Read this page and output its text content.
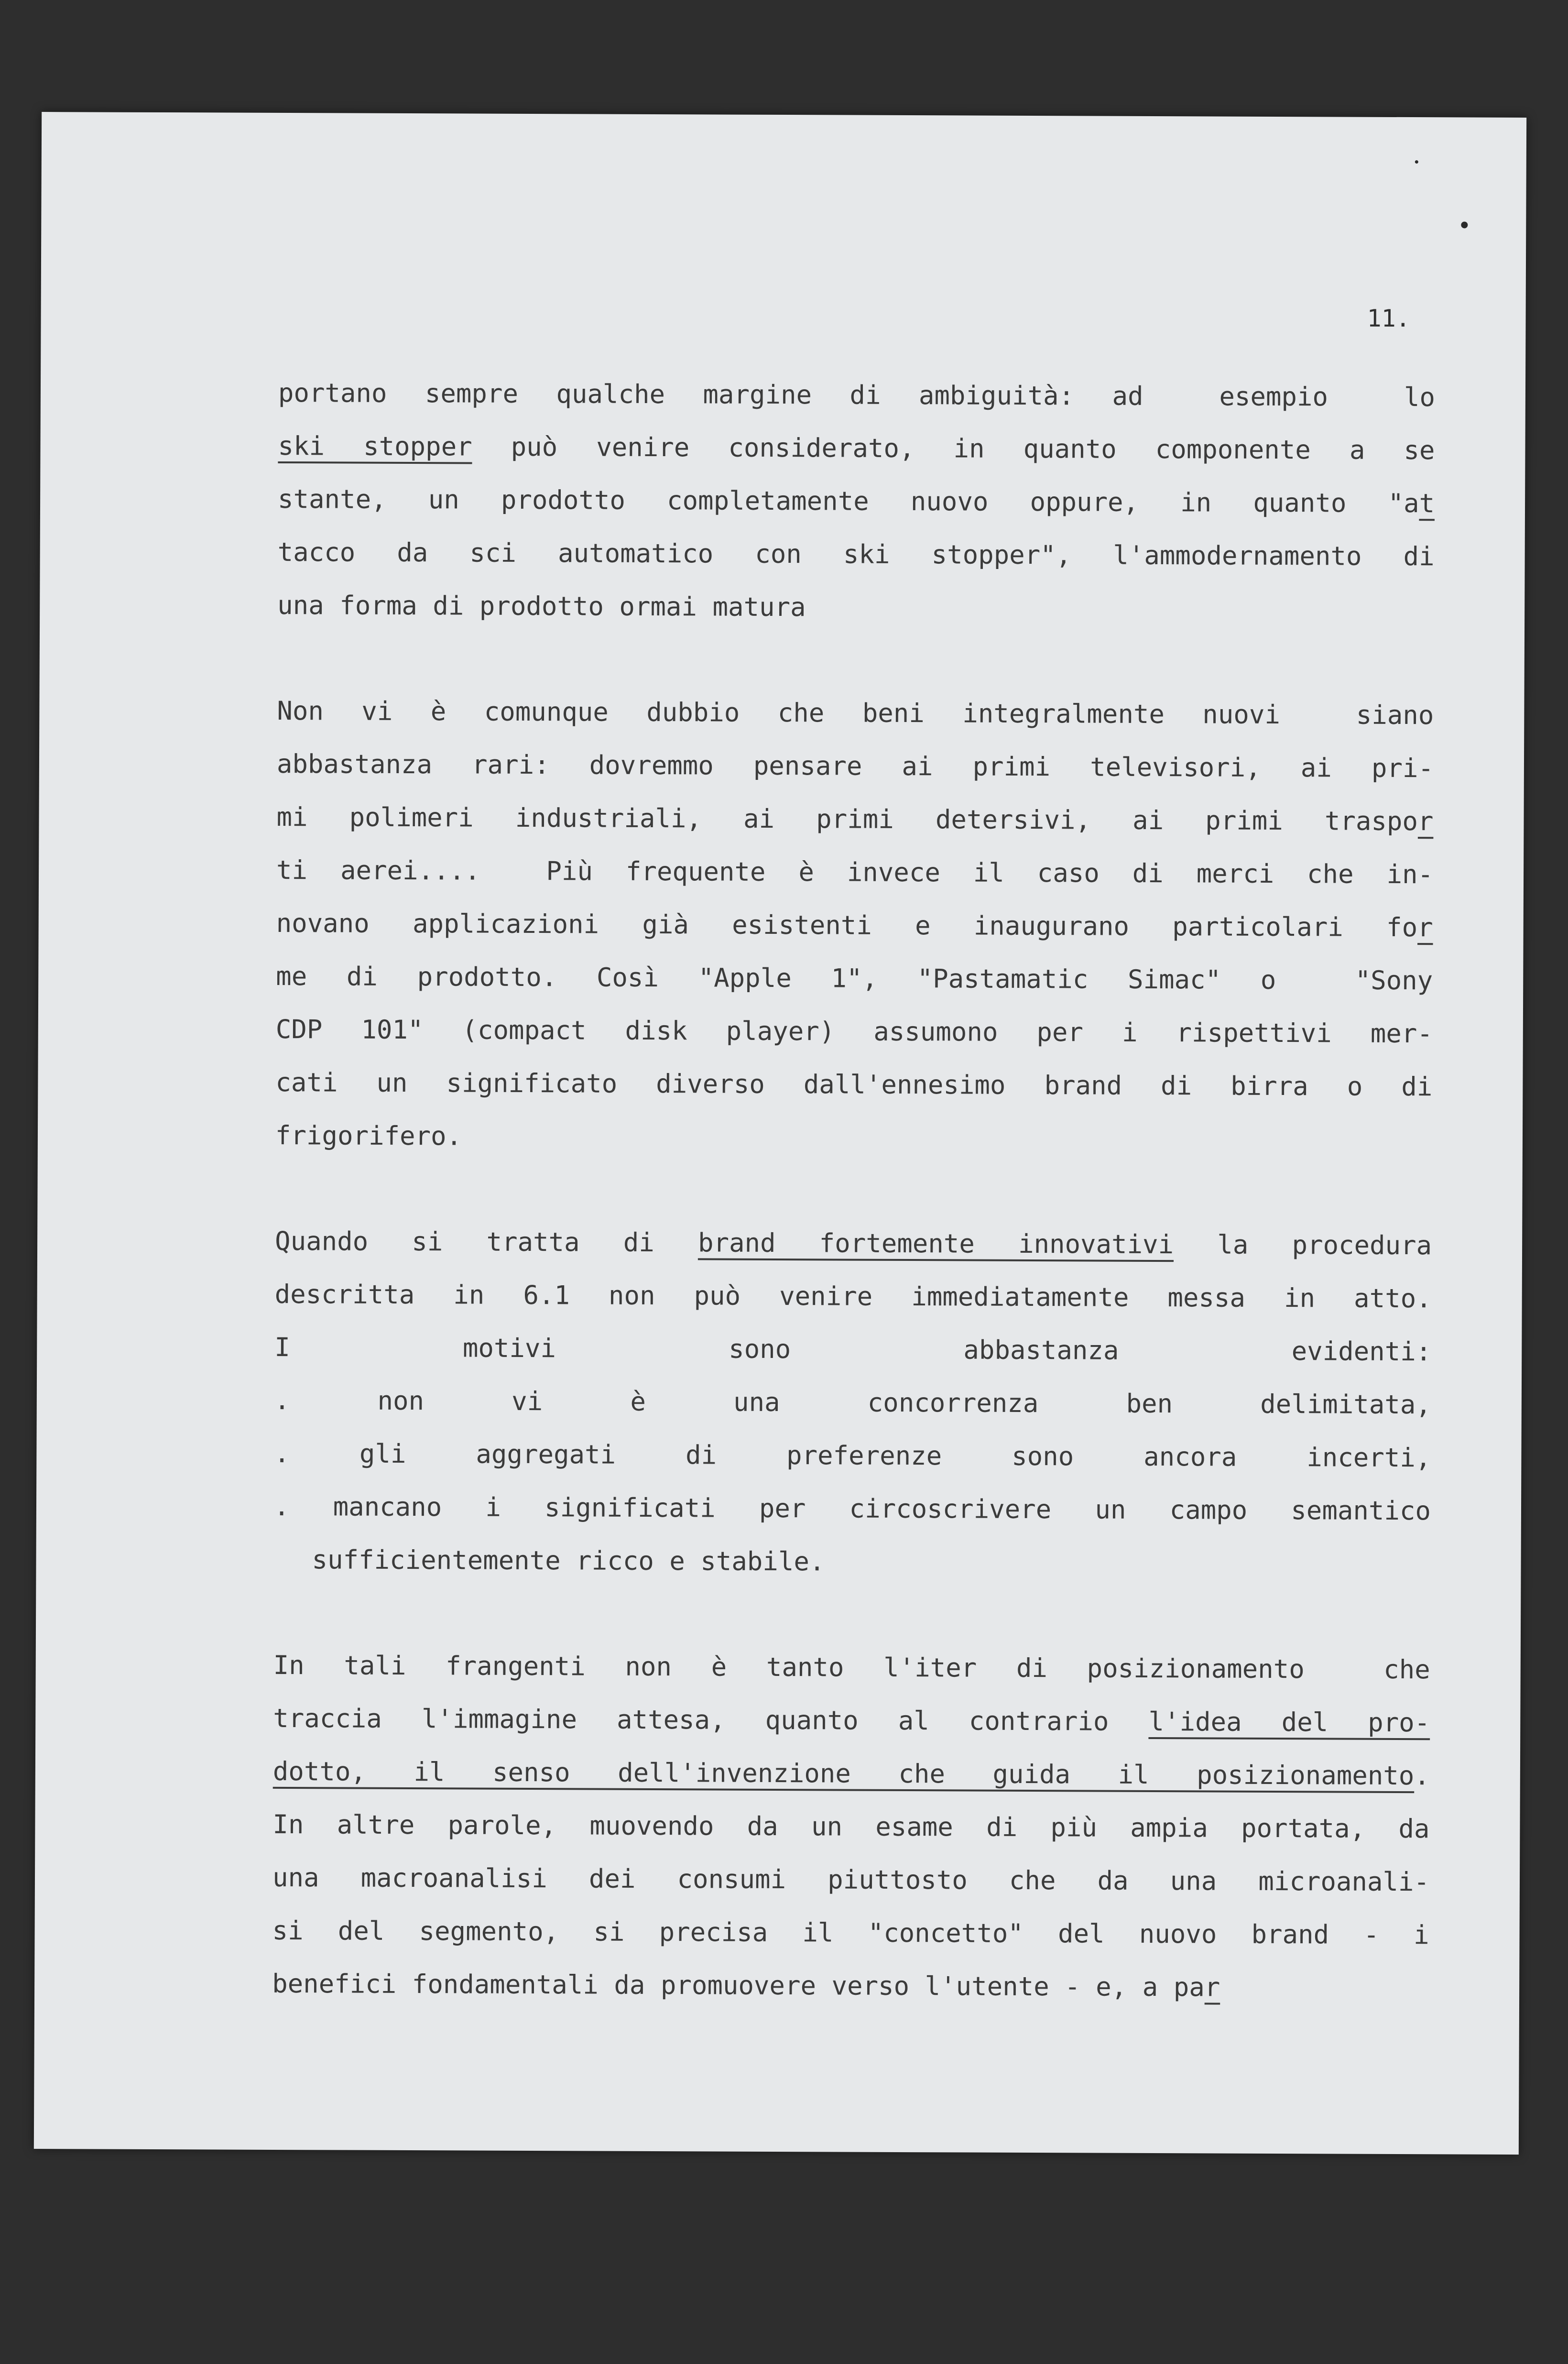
11.
portano sempre qualche margine di ambiguità: ad  esempio  lo
ski stopper può venire considerato, in quanto componente a se
stante, un prodotto completamente nuovo oppure, in quanto "at
tacco da sci automatico con ski stopper", l'ammodernamento di
una forma di prodotto ormai matura
Non vi è comunque dubbio che beni integralmente nuovi  siano
abbastanza rari: dovremmo pensare ai primi televisori, ai pri-
mi polimeri industriali, ai primi detersivi, ai primi traspor
ti aerei....  Più frequente è invece il caso di merci che in-
novano applicazioni già esistenti e inaugurano particolari for
me di prodotto. Così "Apple 1", "Pastamatic Simac" o  "Sony
CDP 101" (compact disk player) assumono per i rispettivi mer-
cati un significato diverso dall'ennesimo brand di birra o di
frigorifero.
Quando si tratta di brand fortemente innovativi la procedura
descritta in 6.1 non può venire immediatamente messa in atto.
I motivi sono abbastanza evidenti:
. non vi è una concorrenza ben delimitata,
. gli aggregati di preferenze sono ancora incerti,
. mancano i significati per circoscrivere un campo semantico
sufficientemente ricco e stabile.
In tali frangenti non è tanto l'iter di posizionamento  che
traccia l'immagine attesa, quanto al contrario l'idea del pro-
dotto, il senso dell'invenzione che guida il posizionamento.
In altre parole, muovendo da un esame di più ampia portata, da
una macroanalisi dei consumi piuttosto che da una microanali-
si del segmento, si precisa il "concetto" del nuovo brand - i
benefici fondamentali da promuovere verso l'utente - e, a par
